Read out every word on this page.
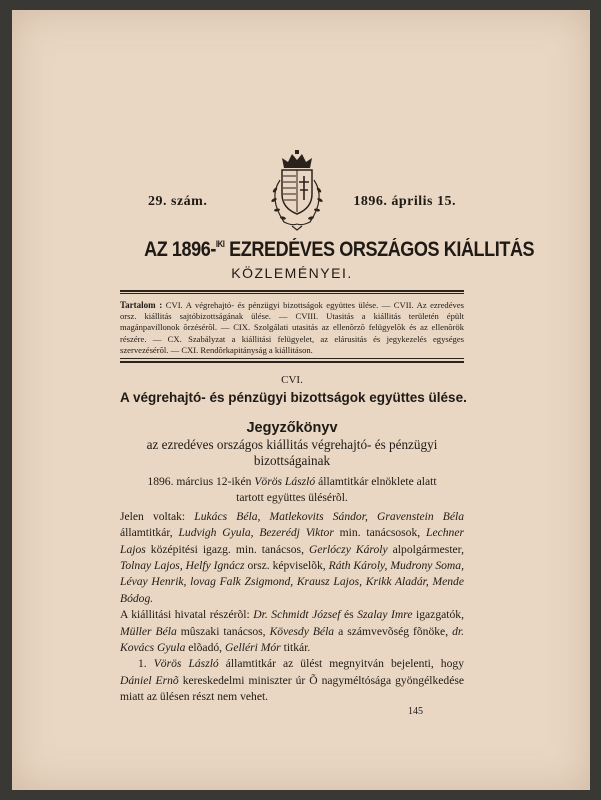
29. szám.	1896. április 15.
AZ 1896-$^{IKI}$ EZREDÉVES ORSZÁGOS KIÁLLITÁS
KÖZLEMÉNYEI.
Tartalom : CVI. A végrehajtó- és pénzügyi bizottságok együttes ülése. — CVII. Az ezredéves orsz. kiállitás sajtóbizottságának ülése. — CVIII. Utasitás a kiállitás területén épült magánpavillonok õrzésérõl. — CIX. Szolgálati utasitás az ellenõrzõ felügyelõk és az ellenõrök részére. — CX. Szabályzat a kiállitási felügyelet, az elárusitás és jegykezelés egységes szervezésérõl. — CXI. Rendõrkapitányság a kiállitáson.
CVI.
A végrehajtó- és pénzügyi bizottságok együttes ülése.
Jegyzőkönyv
az ezredéves országos kiállitás végrehajtó- és pénzügyi bizottságainak

1896. március 12-ikén Vörös László államtitkár elnöklete alatt
tartott együttes ülésérõl.

Jelen voltak: Lukács Béla, Matlekovits Sándor, Gravenstein Béla államtitkár, Ludvigh Gyula, Bezerédj Viktor min. tanácsosok, Lechner Lajos középitési igazg. min. tanácsos, Gerlóczy Károly alpolgármester, Tolnay Lajos, Helfy Ignácz orsz. képviselõk, Ráth Károly, Mudrony Soma, Lévay Henrik, lovag Falk Zsigmond, Krausz Lajos, Krikk Aladár, Mende Bódog.

A kiállitási hivatal részérõl: Dr. Schmidt József és Szalay Imre igazgatók, Müller Béla mûszaki tanácsos, Kövesdy Béla a számvevõség fõnöke, dr. Kovács Gyula elõadó, Gelléri Mór titkár.

1. Vörös László államtitkár az ülést megnyitván bejelenti, hogy Dániel Ernõ kereskedelmi miniszter úr Õ nagyméltósága gyöngélkedése miatt az ülésen részt nem vehet.

145
